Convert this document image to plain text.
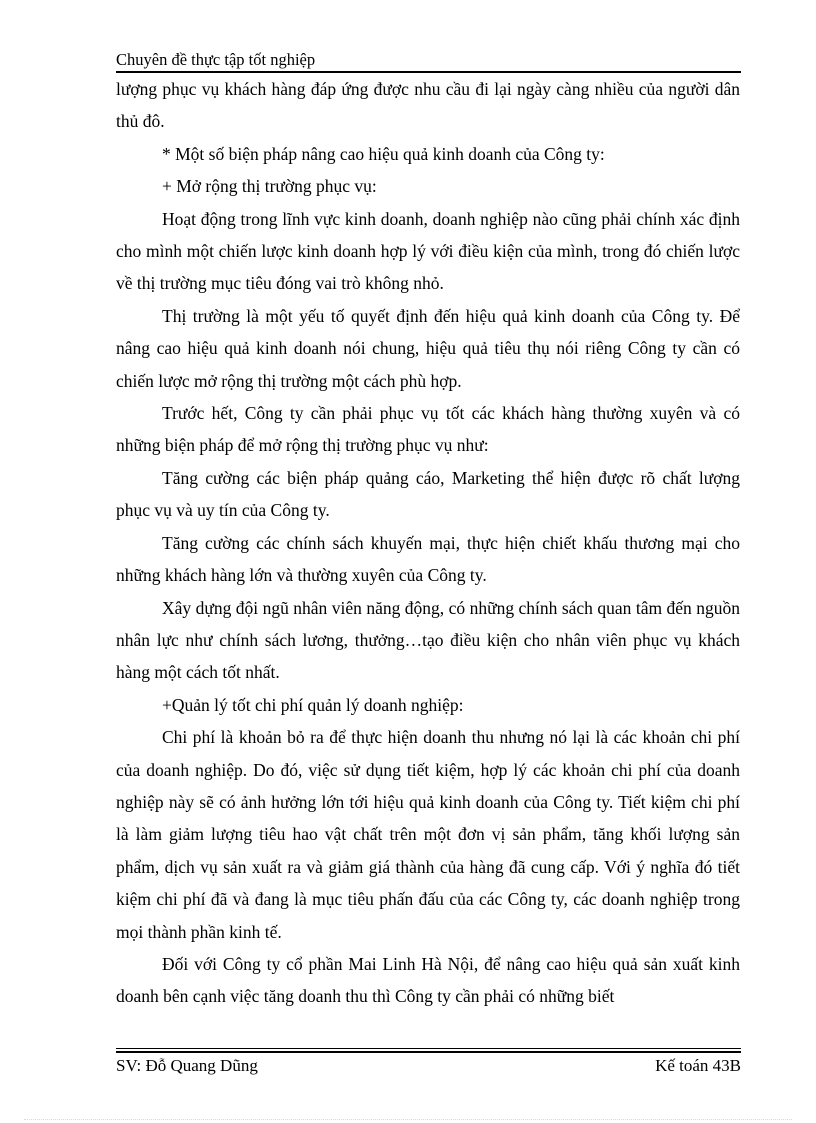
Chuyên đề thực tập tốt nghiệp

lượng phục vụ khách hàng đáp ứng được nhu cầu đi lại ngày càng nhiều của người dân thủ đô.

* Một số biện pháp nâng cao hiệu quả kinh doanh của Công ty:

+ Mở rộng thị trường phục vụ:

Hoạt động trong lĩnh vực kinh doanh, doanh nghiệp nào cũng phải chính xác định cho mình một chiến lược kinh doanh hợp lý với điều kiện của mình, trong đó chiến lược về thị trường mục tiêu đóng vai trò không nhỏ.

Thị trường là một yếu tố quyết định đến hiệu quả kinh doanh của Công ty. Để nâng cao hiệu quả kinh doanh nói chung, hiệu quả tiêu thụ nói riêng Công ty cần có chiến lược mở rộng thị trường một cách phù hợp.

Trước hết, Công ty cần phải phục vụ tốt các khách hàng thường xuyên và có những biện pháp để mở rộng thị trường phục vụ như:

Tăng cường các biện pháp quảng cáo, Marketing thể hiện được rõ chất lượng phục vụ và uy tín của Công ty.

Tăng cường các chính sách khuyến mại, thực hiện chiết khấu thương mại cho những khách hàng lớn và thường xuyên của Công ty.

Xây dựng đội ngũ nhân viên năng động, có những chính sách quan tâm đến nguồn nhân lực như chính sách lương, thưởng…tạo điều kiện cho nhân viên phục vụ khách hàng một cách tốt nhất.

+Quản lý tốt chi phí quản lý doanh nghiệp:

Chi phí là khoản bỏ ra để thực hiện doanh thu nhưng nó lại là các khoản chi phí của doanh nghiệp. Do đó, việc sử dụng tiết kiệm, hợp lý các khoản chi phí của doanh nghiệp này sẽ có ảnh hưởng lớn tới hiệu quả kinh doanh của Công ty. Tiết kiệm chi phí là làm giảm lượng tiêu hao vật chất trên một đơn vị sản phẩm, tăng khối lượng sản phẩm, dịch vụ sản xuất ra và giảm giá thành của hàng đã cung cấp. Với ý nghĩa đó tiết kiệm chi phí đã và đang là mục tiêu phấn đấu của các Công ty, các doanh nghiệp trong mọi thành phần kinh tế.

Đối với Công ty cổ phần Mai Linh Hà Nội, để nâng cao hiệu quả sản xuất kinh doanh bên cạnh việc tăng doanh thu thì Công ty cần phải có những biết

SV: Đỗ Quang Dũng	Kế toán 43B
